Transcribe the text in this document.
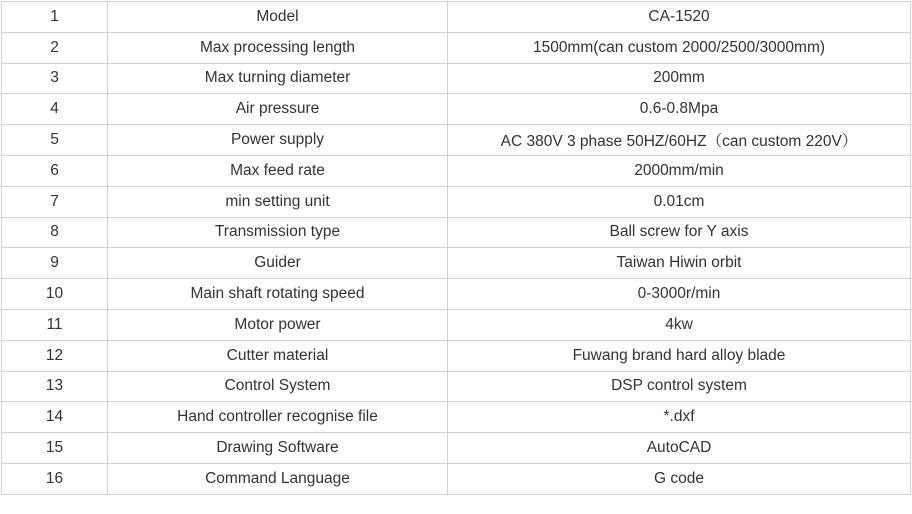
1	Model	CA-1520
2	Max processing length	1500mm(can custom 2000/2500/3000mm)
3	Max turning diameter	200mm
4	Air pressure	0.6-0.8Mpa
5	Power supply	AC 380V 3 phase 50HZ/60HZ（can custom 220V）
6	Max feed rate	2000mm/min
7	min setting unit	0.01cm
8	Transmission type	Ball screw for Y axis
9	Guider	Taiwan Hiwin orbit
10	Main shaft rotating speed	0-3000r/min
11	Motor power	4kw
12	Cutter material	Fuwang brand hard alloy blade
13	Control System	DSP control system
14	Hand controller recognise file	*.dxf
15	Drawing Software	AutoCAD
16	Command Language	G code
